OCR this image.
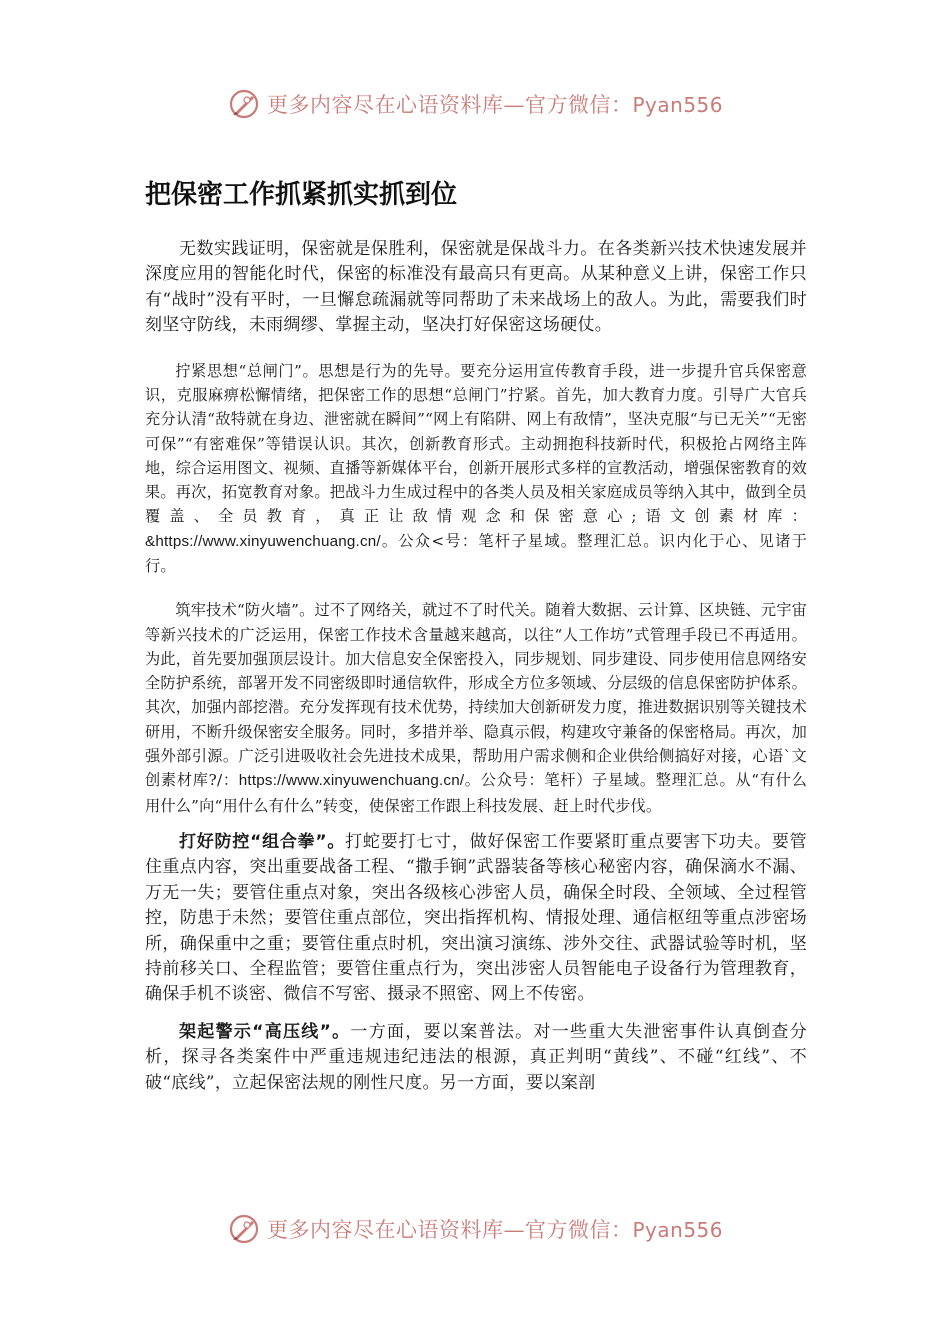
更多内容尽在心语资料库—官方微信：Pyan556
把保密工作抓紧抓实抓到位

无数实践证明，保密就是保胜利，保密就是保战斗力。在各类新兴技术快速发展并深度应用的智能化时代，保密的标准没有最高只有更高。从某种意义上讲，保密工作只有“战时”没有平时，一旦懈怠疏漏就等同帮助了未来战场上的敌人。为此，需要我们时刻坚守防线，未雨绸缪、掌握主动，坚决打好保密这场硬仗。

拧紧思想“总闸门”。思想是行为的先导。要充分运用宣传教育手段，进一步提升官兵保密意识，克服麻痹松懈情绪，把保密工作的思想“总闸门”拧紧。首先，加大教育力度。引导广大官兵充分认清“敌特就在身边、泄密就在瞬间”“网上有陷阱、网上有敌情”，坚决克服“与已无关”“无密可保”“有密难保”等错误认识。其次，创新教育形式。主动拥抱科技新时代，积极抢占网络主阵地，综合运用图文、视频、直播等新媒体平台，创新开展形式多样的宣教活动，增强保密教育的效果。再次，拓宽教育对象。把战斗力生成过程中的各类人员及相关家庭成员等纳入其中，做到全员覆盖、全员教育，真正让敌情观念和保密意心;语文创素材库：&https://www.xinyuwenchuang.cn/。公众<号：笔杆子星域。整理汇总。识内化于心、见诸于行。

筑牢技术“防火墙”。过不了网络关，就过不了时代关。随着大数据、云计算、区块链、元宇宙等新兴技术的广泛运用，保密工作技术含量越来越高，以往“人工作坊”式管理手段已不再适用。为此，首先要加强顶层设计。加大信息安全保密投入，同步规划、同步建设、同步使用信息网络安全防护系统，部署开发不同密级即时通信软件，形成全方位多领域、分层级的信息保密防护体系。其次，加强内部挖潜。充分发挥现有技术优势，持续加大创新研发力度，推进数据识别等关键技术研用，不断升级保密安全服务。同时，多措并举、隐真示假，构建攻守兼备的保密格局。再次，加强外部引源。广泛引进吸收社会先进技术成果，帮助用户需求侧和企业供给侧搞好对接，心语`文创素材库?/：https://www.xinyuwenchuang.cn/。公众号：笔杆）子星域。整理汇总。从“有什么用什么”向“用什么有什么”转变，使保密工作跟上科技发展、赶上时代步伐。

打好防控“组合拳”。打蛇要打七寸，做好保密工作要紧盯重点要害下功夫。要管住重点内容，突出重要战备工程、“撒手锏”武器装备等核心秘密内容，确保滴水不漏、万无一失；要管住重点对象，突出各级核心涉密人员，确保全时段、全领域、全过程管控，防患于未然；要管住重点部位，突出指挥机构、情报处理、通信枢纽等重点涉密场所，确保重中之重；要管住重点时机，突出演习演练、涉外交往、武器试验等时机，坚持前移关口、全程监管；要管住重点行为，突出涉密人员智能电子设备行为管理教育，确保手机不谈密、微信不写密、摄录不照密、网上不传密。

架起警示“高压线”。一方面，要以案普法。对一些重大失泄密事件认真倒查分析，探寻各类案件中严重违规违纪违法的根源，真正判明“黄线”、不碰“红线”、不破“底线”，立起保密法规的刚性尺度。另一方面，要以案剖

更多内容尽在心语资料库—官方微信：Pyan556
